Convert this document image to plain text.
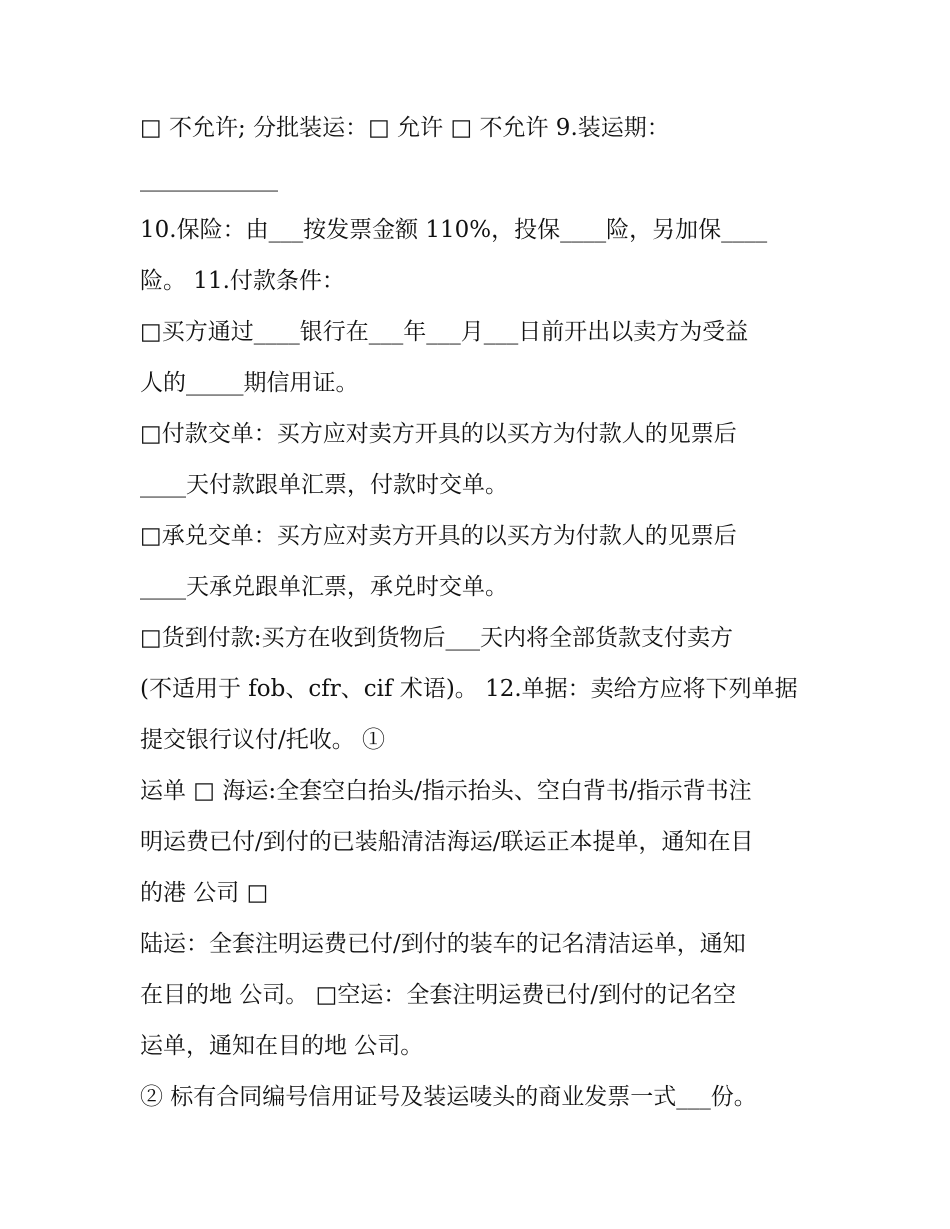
□ 不允许; 分批装运：□ 允许 □ 不允许 9.装运期：
____________
10.保险：由___按发票金额 110%，投保____险，另加保____
险。 11.付款条件：
□买方通过____银行在___年___月___日前开出以卖方为受益
人的_____期信用证。
□付款交单：买方应对卖方开具的以买方为付款人的见票后
____天付款跟单汇票，付款时交单。
□承兑交单：买方应对卖方开具的以买方为付款人的见票后
____天承兑跟单汇票，承兑时交单。
□货到付款:买方在收到货物后___天内将全部货款支付卖方
(不适用于 fob、cfr、cif 术语)。 12.单据：卖给方应将下列单据
提交银行议付/托收。 ①
运单 □ 海运:全套空白抬头/指示抬头、空白背书/指示背书注
明运费已付/到付的已装船清洁海运/联运正本提单，通知在目
的港 公司 □
陆运：全套注明运费已付/到付的装车的记名清洁运单，通知
在目的地 公司。 □空运：全套注明运费已付/到付的记名空
运单，通知在目的地 公司。
② 标有合同编号信用证号及装运唛头的商业发票一式___份。
